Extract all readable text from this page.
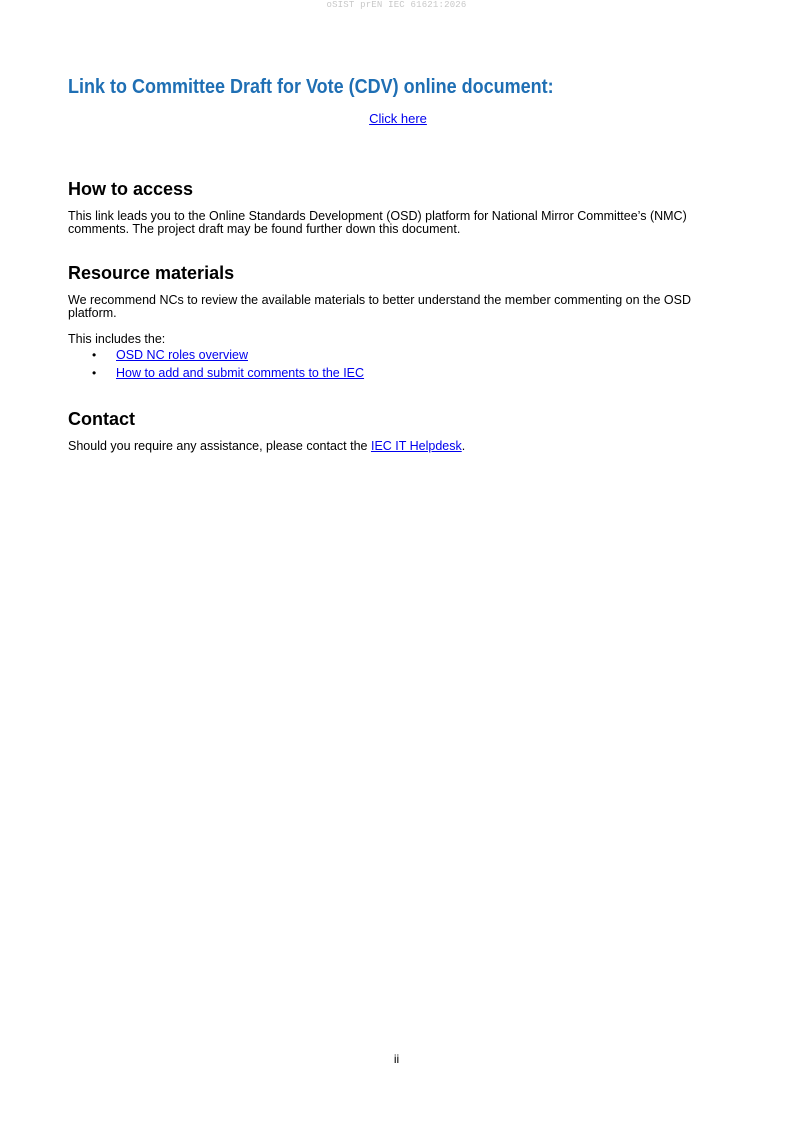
oSIST prEN IEC 61621:2026
Link to Committee Draft for Vote (CDV) online document:
Click here
How to access

This link leads you to the Online Standards Development (OSD) platform for National Mirror Committee’s (NMC) comments. The project draft may be found further down this document.

Resource materials

We recommend NCs to review the available materials to better understand the member commenting on the OSD platform.

This includes the:

• OSD NC roles overview
• How to add and submit comments to the IEC
Contact

Should you require any assistance, please contact the IEC IT Helpdesk.

ii
